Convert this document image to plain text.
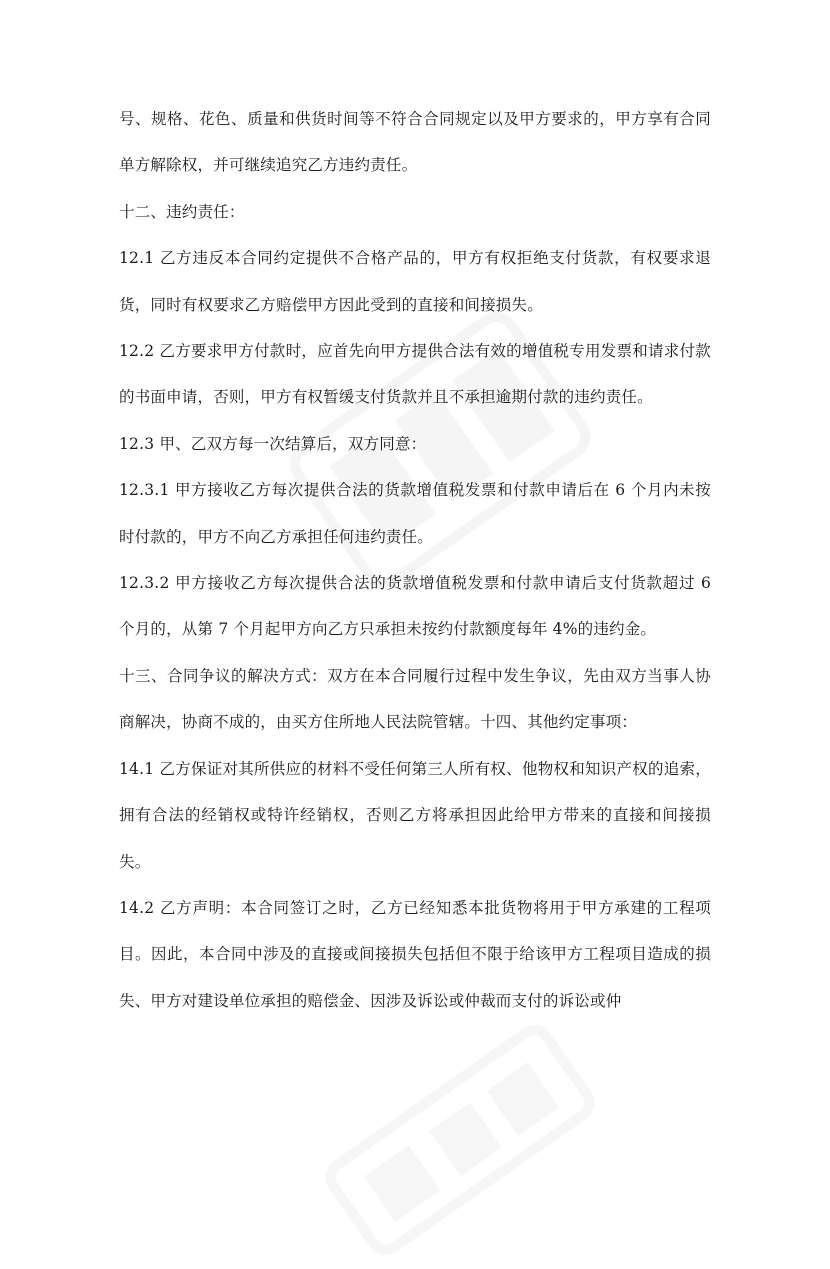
号、规格、花色、质量和供货时间等不符合合同规定以及甲方要求的，甲方享有合同单方解除权，并可继续追究乙方违约责任。

十二、违约责任：

12.1 乙方违反本合同约定提供不合格产品的，甲方有权拒绝支付货款，有权要求退货，同时有权要求乙方赔偿甲方因此受到的直接和间接损失。

12.2 乙方要求甲方付款时，应首先向甲方提供合法有效的增值税专用发票和请求付款的书面申请，否则，甲方有权暂缓支付货款并且不承担逾期付款的违约责任。

12.3 甲、乙双方每一次结算后，双方同意：

12.3.1 甲方接收乙方每次提供合法的货款增值税发票和付款申请后在 6 个月内未按时付款的，甲方不向乙方承担任何违约责任。

12.3.2 甲方接收乙方每次提供合法的货款增值税发票和付款申请后支付货款超过 6 个月的，从第 7 个月起甲方向乙方只承担未按约付款额度每年 4%的违约金。

十三、合同争议的解决方式：双方在本合同履行过程中发生争议，先由双方当事人协商解决，协商不成的，由买方住所地人民法院管辖。十四、其他约定事项：

14.1 乙方保证对其所供应的材料不受任何第三人所有权、他物权和知识产权的追索，拥有合法的经销权或特许经销权，否则乙方将承担因此给甲方带来的直接和间接损失。

14.2 乙方声明：本合同签订之时，乙方已经知悉本批货物将用于甲方承建的工程项目。因此，本合同中涉及的直接或间接损失包括但不限于给该甲方工程项目造成的损失、甲方对建设单位承担的赔偿金、因涉及诉讼或仲裁而支付的诉讼或仲
